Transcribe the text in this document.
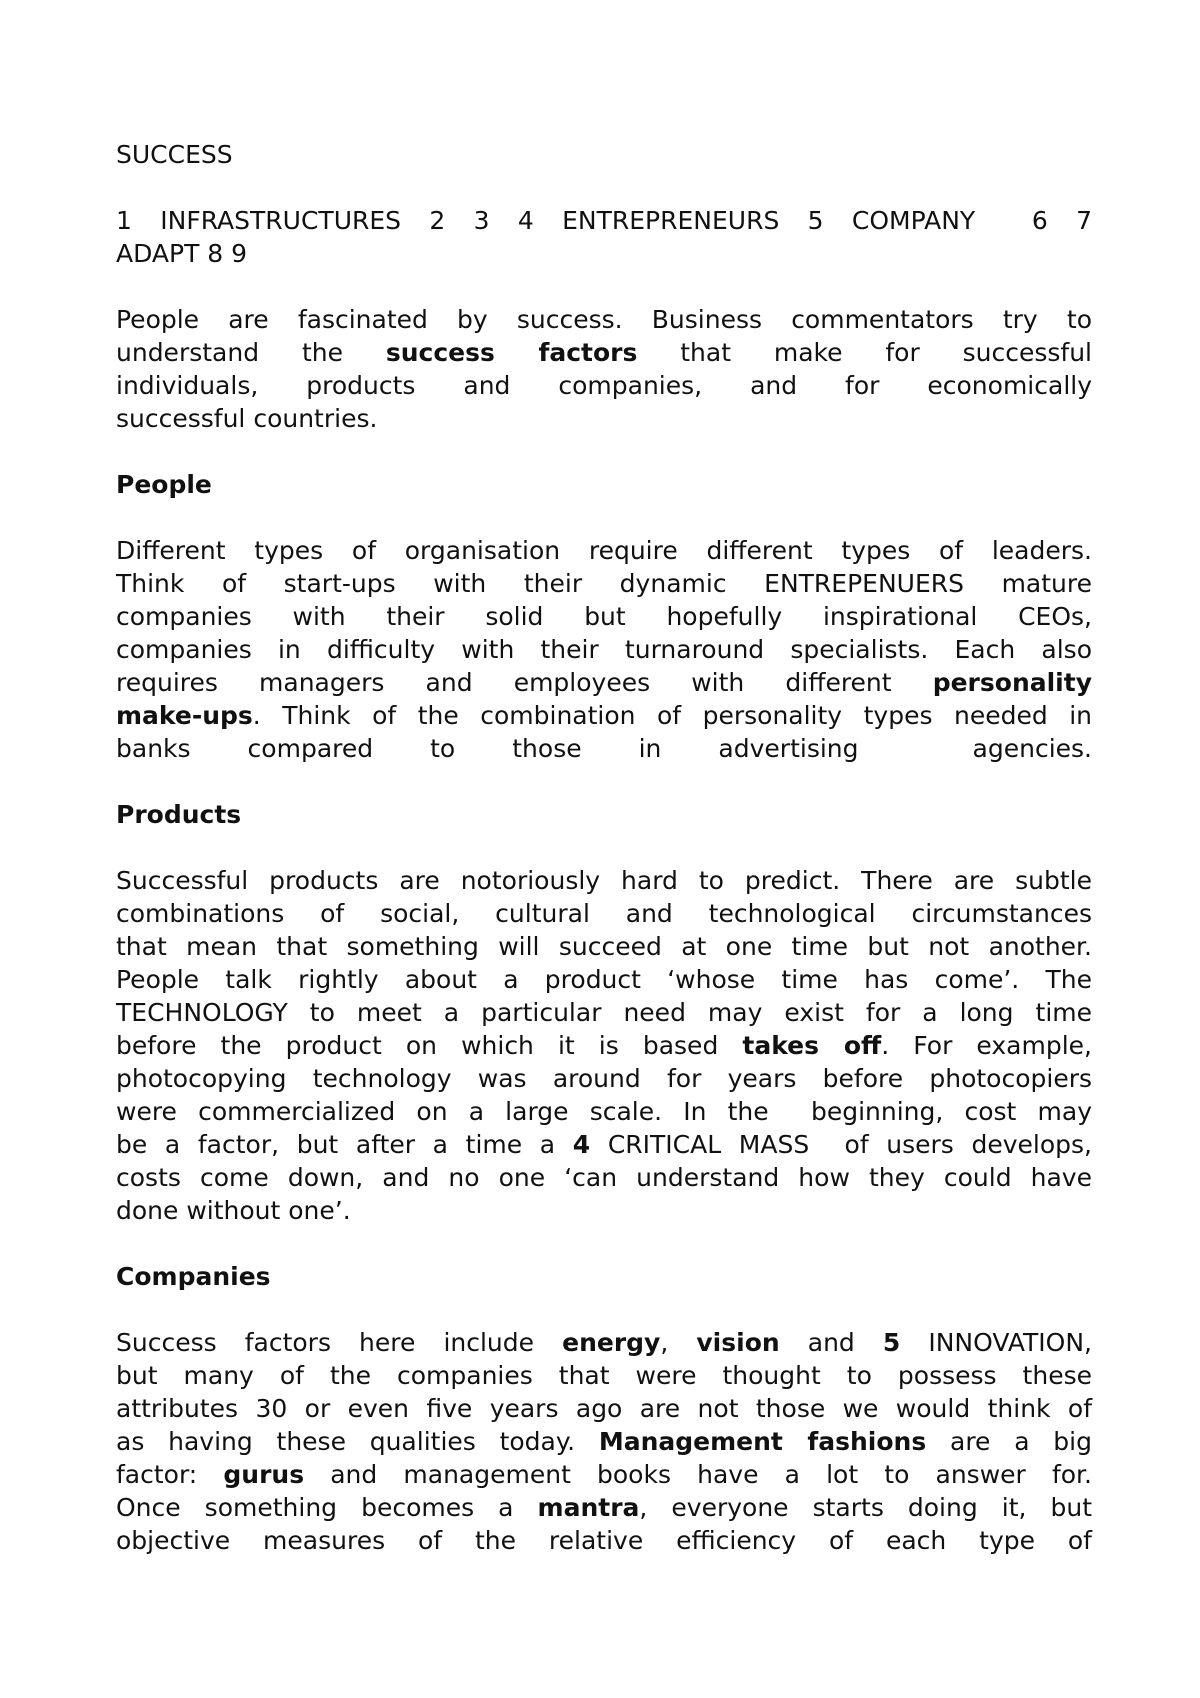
SUCCESS
1 INFRASTRUCTURES 2 3 4 ENTREPRENEURS 5 COMPANY  6 7
ADAPT 8 9
People are fascinated by success. Business commentators try to
understand the success factors that make for successful
individuals, products and companies, and for economically
successful countries.
People
Different types of organisation require different types of leaders.
Think of start-ups with their dynamic ENTREPENUERS mature
companies with their solid but hopefully inspirational CEOs,
companies in difficulty with their turnaround specialists. Each also
requires managers and employees with different personality
make-ups. Think of the combination of personality types needed in
banks compared to those in advertising  agencies.
Products
Successful products are notoriously hard to predict. There are subtle
combinations of social, cultural and technological circumstances
that mean that something will succeed at one time but not another.
People talk rightly about a product ‘whose time has come’. The
TECHNOLOGY to meet a particular need may exist for a long time
before the product on which it is based takes off. For example,
photocopying technology was around for years before photocopiers
were commercialized on a large scale. In the  beginning, cost may
be a factor, but after a time a 4 CRITICAL MASS  of users develops,
costs come down, and no one ‘can understand how they could have
done without one’.
Companies
Success factors here include energy, vision and 5 INNOVATION,
but many of the companies that were thought to possess these
attributes 30 or even five years ago are not those we would think of
as having these qualities today. Management fashions are a big
factor: gurus and management books have a lot to answer for.
Once something becomes a mantra, everyone starts doing it, but
objective measures of the relative efficiency of each type of
